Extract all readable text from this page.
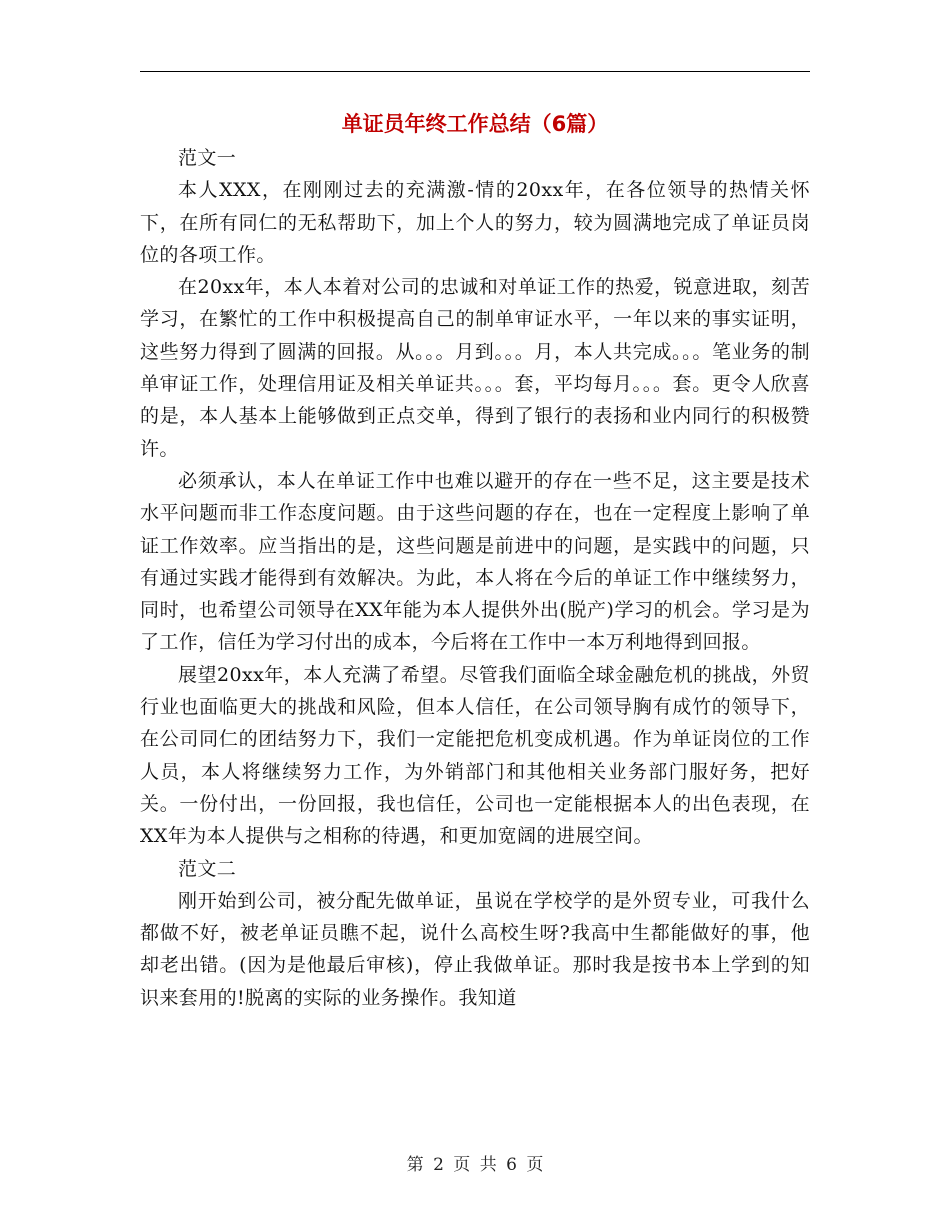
单证员年终工作总结（6篇）

范文一

本人XXX，在刚刚过去的充满激-情的20xx年，在各位领导的热情关怀下，在所有同仁的无私帮助下，加上个人的努力，较为圆满地完成了单证员岗位的各项工作。

在20xx年，本人本着对公司的忠诚和对单证工作的热爱，锐意进取，刻苦学习，在繁忙的工作中积极提高自己的制单审证水平，一年以来的事实证明，这些努力得到了圆满的回报。从。。。月到。。。月，本人共完成。。。笔业务的制单审证工作，处理信用证及相关单证共。。。套，平均每月。。。套。更令人欣喜的是，本人基本上能够做到正点交单，得到了银行的表扬和业内同行的积极赞许。

必须承认，本人在单证工作中也难以避开的存在一些不足，这主要是技术水平问题而非工作态度问题。由于这些问题的存在，也在一定程度上影响了单证工作效率。应当指出的是，这些问题是前进中的问题，是实践中的问题，只有通过实践才能得到有效解决。为此，本人将在今后的单证工作中继续努力，同时，也希望公司领导在XX年能为本人提供外出(脱产)学习的机会。学习是为了工作，信任为学习付出的成本，今后将在工作中一本万利地得到回报。

展望20xx年，本人充满了希望。尽管我们面临全球金融危机的挑战，外贸行业也面临更大的挑战和风险，但本人信任，在公司领导胸有成竹的领导下，在公司同仁的团结努力下，我们一定能把危机变成机遇。作为单证岗位的工作人员，本人将继续努力工作，为外销部门和其他相关业务部门服好务，把好关。一份付出，一份回报，我也信任，公司也一定能根据本人的出色表现，在XX年为本人提供与之相称的待遇，和更加宽阔的进展空间。

范文二

刚开始到公司，被分配先做单证，虽说在学校学的是外贸专业，可我什么都做不好，被老单证员瞧不起，说什么高校生呀?我高中生都能做好的事，他却老出错。(因为是他最后审核)，停止我做单证。那时我是按书本上学到的知识来套用的!脱离的实际的业务操作。我知道

第 2 页 共 6 页
